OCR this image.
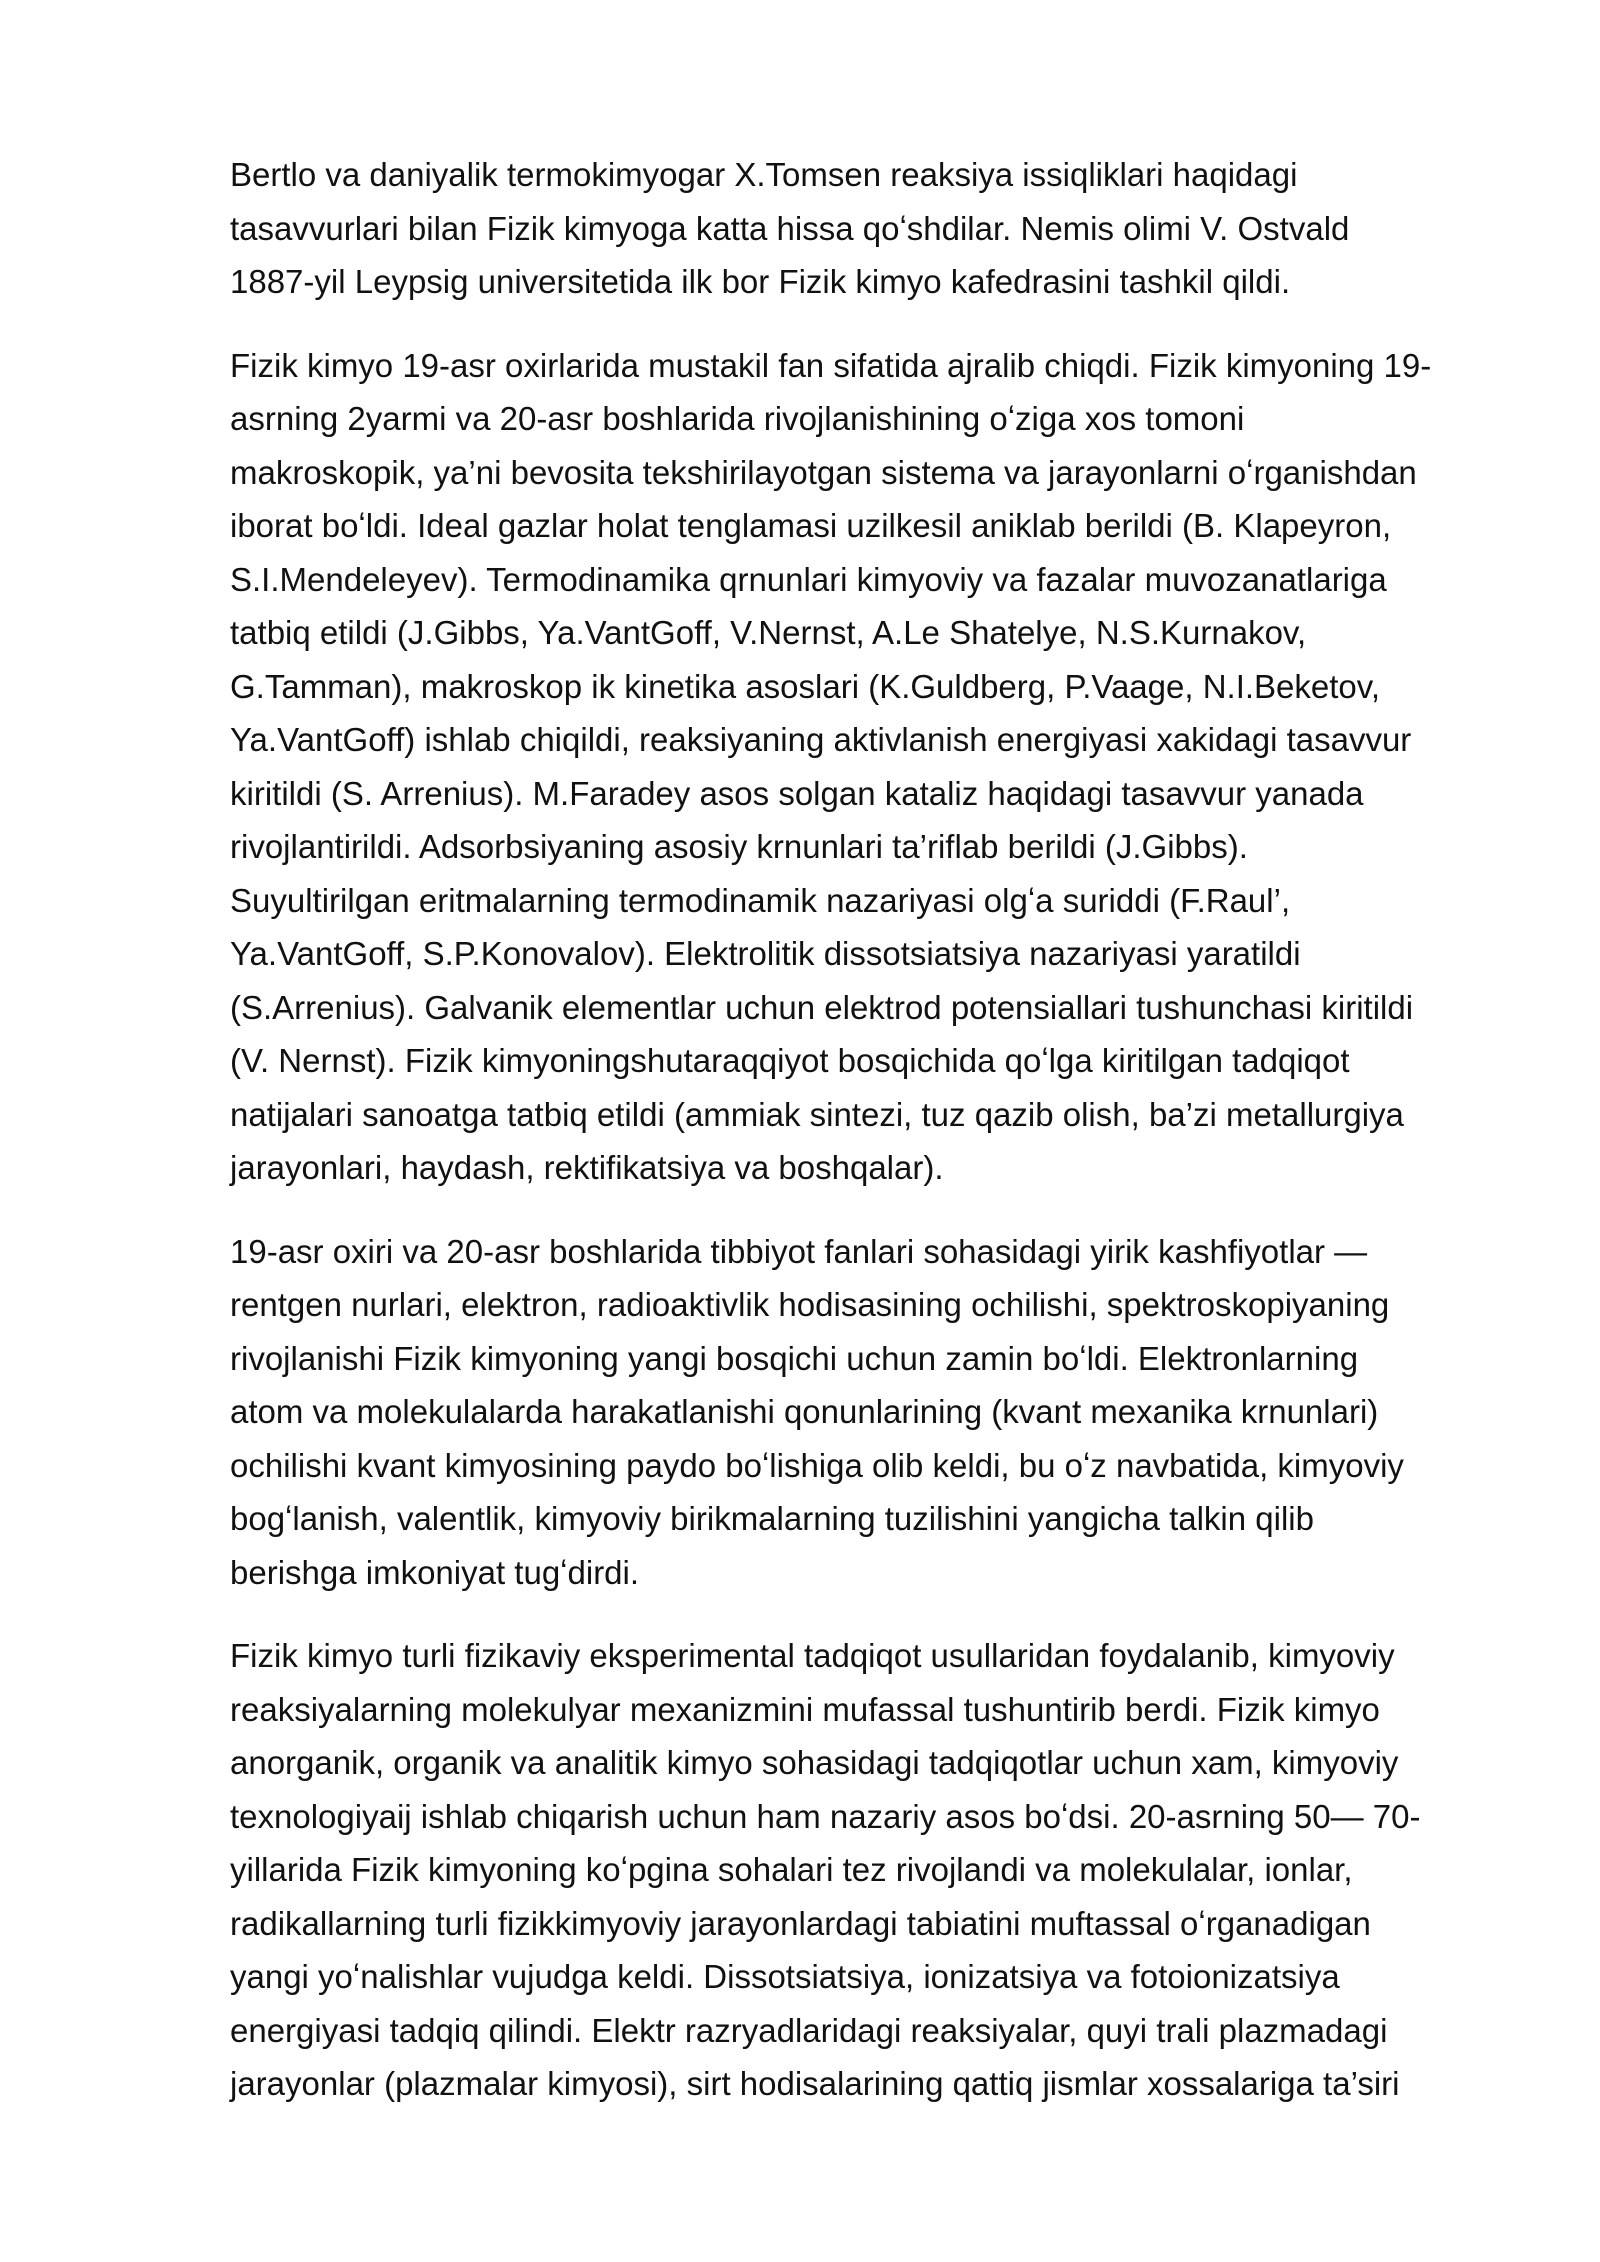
Bertlo va daniyalik termokimyogar X.Tomsen reaksiya issiqliklari haqidagi
tasavvurlari bilan Fizik kimyoga katta hissa qoʻshdilar. Nemis olimi V. Ostvald
1887-yil Leypsig universitetida ilk bor Fizik kimyo kafedrasini tashkil qildi.

Fizik kimyo 19-asr oxirlarida mustakil fan sifatida ajralib chiqdi. Fizik kimyoning 19-
asrning 2yarmi va 20-asr boshlarida rivojlanishining oʻziga xos tomoni
makroskopik, ya’ni bevosita tekshirilayotgan sistema va jarayonlarni oʻrganishdan
iborat boʻldi. Ideal gazlar holat tenglamasi uzilkesil aniklab berildi (B. Klapeyron,
S.I.Mendeleyev). Termodinamika qrnunlari kimyoviy va fazalar muvozanatlariga
tatbiq etildi (J.Gibbs, Ya.VantGoff, V.Nernst, A.Le Shatelye, N.S.Kurnakov,
G.Tamman), makroskop ik kinetika asoslari (K.Guldberg, P.Vaage, N.I.Beketov,
Ya.VantGoff) ishlab chiqildi, reaksiyaning aktivlanish energiyasi xakidagi tasavvur
kiritildi (S. Arrenius). M.Faradey asos solgan kataliz haqidagi tasavvur yanada
rivojlantirildi. Adsorbsiyaning asosiy krnunlari ta’riflab berildi (J.Gibbs).
Suyultirilgan eritmalarning termodinamik nazariyasi olgʻa suriddi (F.Raul’,
Ya.VantGoff, S.P.Konovalov). Elektrolitik dissotsiatsiya nazariyasi yaratildi
(S.Arrenius). Galvanik elementlar uchun elektrod potensiallari tushunchasi kiritildi
(V. Nernst). Fizik kimyoningshutaraqqiyot bosqichida qoʻlga kiritilgan tadqiqot
natijalari sanoatga tatbiq etildi (ammiak sintezi, tuz qazib olish, ba’zi metallurgiya
jarayonlari, haydash, rektifikatsiya va boshqalar).

19-asr oxiri va 20-asr boshlarida tibbiyot fanlari sohasidagi yirik kashfiyotlar —
rentgen nurlari, elektron, radioaktivlik hodisasining ochilishi, spektroskopiyaning
rivojlanishi Fizik kimyoning yangi bosqichi uchun zamin boʻldi. Elektronlarning
atom va molekulalarda harakatlanishi qonunlarining (kvant mexanika krnunlari)
ochilishi kvant kimyosining paydo boʻlishiga olib keldi, bu oʻz navbatida, kimyoviy
bogʻlanish, valentlik, kimyoviy birikmalarning tuzilishini yangicha talkin qilib
berishga imkoniyat tugʻdirdi.

Fizik kimyo turli fizikaviy eksperimental tadqiqot usullaridan foydalanib, kimyoviy
reaksiyalarning molekulyar mexanizmini mufassal tushuntirib berdi. Fizik kimyo
anorganik, organik va analitik kimyo sohasidagi tadqiqotlar uchun xam, kimyoviy
texnologiyaij ishlab chiqarish uchun ham nazariy asos boʻdsi. 20-asrning 50— 70-
yillarida Fizik kimyoning koʻpgina sohalari tez rivojlandi va molekulalar, ionlar,
radikallarning turli fizikkimyoviy jarayonlardagi tabiatini muftassal oʻrganadigan
yangi yoʻnalishlar vujudga keldi. Dissotsiatsiya, ionizatsiya va fotoionizatsiya
energiyasi tadqiq qilindi. Elektr razryadlaridagi reaksiyalar, quyi trali plazmadagi
jarayonlar (plazmalar kimyosi), sirt hodisalarining qattiq jismlar xossalariga ta’siri
